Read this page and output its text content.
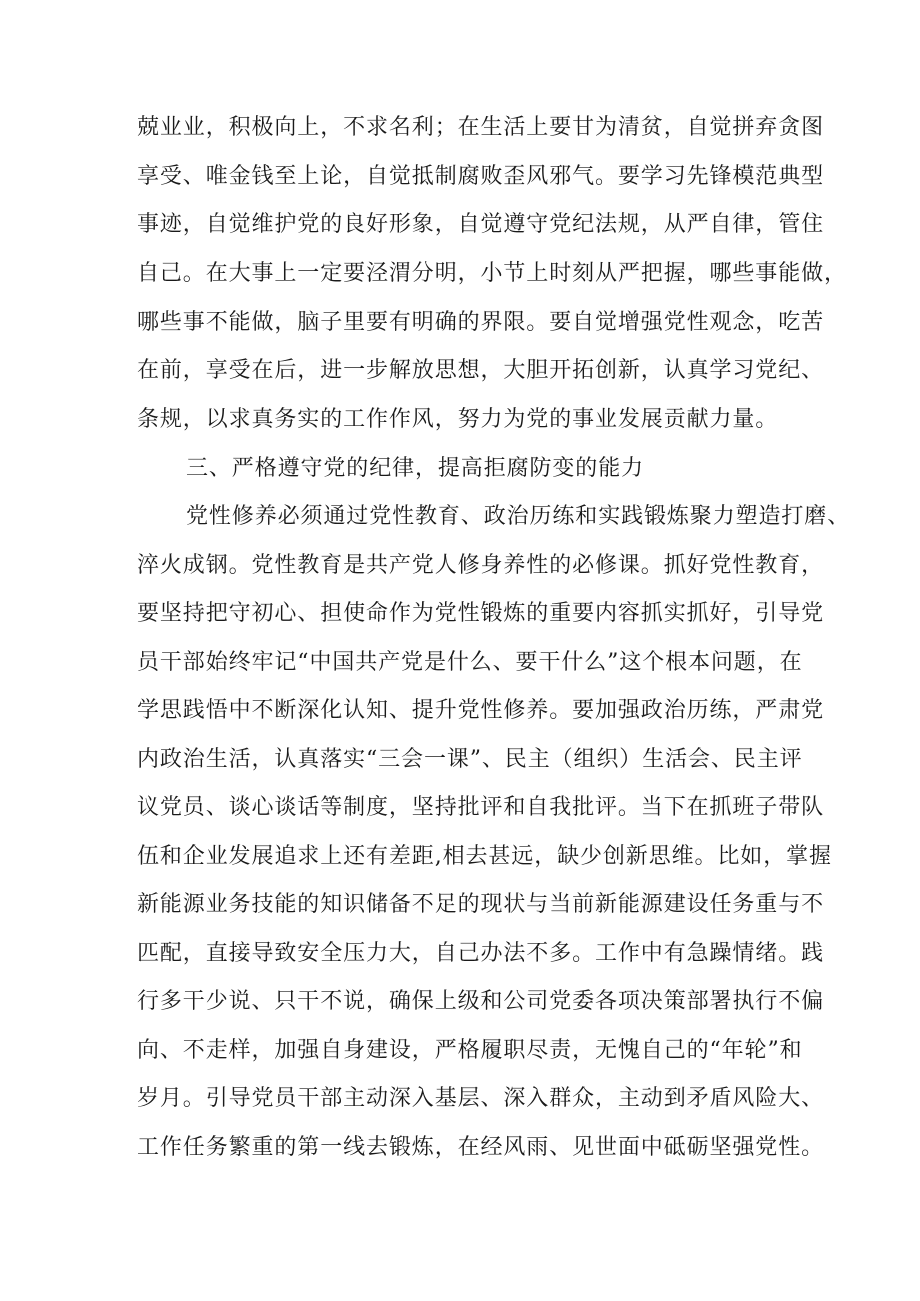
兢业业，积极向上，不求名利；在生活上要甘为清贫，自觉拼弃贪图
享受、唯金钱至上论，自觉抵制腐败歪风邪气。要学习先锋模范典型
事迹，自觉维护党的良好形象，自觉遵守党纪法规，从严自律，管住
自己。在大事上一定要泾渭分明，小节上时刻从严把握，哪些事能做，
哪些事不能做，脑子里要有明确的界限。要自觉增强党性观念，吃苦
在前，享受在后，进一步解放思想，大胆开拓创新，认真学习党纪、
条规，以求真务实的工作作风，努力为党的事业发展贡献力量。
三、严格遵守党的纪律，提高拒腐防变的能力
党性修养必须通过党性教育、政治历练和实践锻炼聚力塑造打磨、
淬火成钢。党性教育是共产党人修身养性的必修课。抓好党性教育，
要坚持把守初心、担使命作为党性锻炼的重要内容抓实抓好，引导党
员干部始终牢记“中国共产党是什么、要干什么”这个根本问题，在
学思践悟中不断深化认知、提升党性修养。要加强政治历练，严肃党
内政治生活，认真落实“三会一课”、民主（组织）生活会、民主评
议党员、谈心谈话等制度，坚持批评和自我批评。当下在抓班子带队
伍和企业发展追求上还有差距,相去甚远，缺少创新思维。比如，掌握
新能源业务技能的知识储备不足的现状与当前新能源建设任务重与不
匹配，直接导致安全压力大，自己办法不多。工作中有急躁情绪。践
行多干少说、只干不说，确保上级和公司党委各项决策部署执行不偏
向、不走样，加强自身建设，严格履职尽责，无愧自己的“年轮”和
岁月。引导党员干部主动深入基层、深入群众，主动到矛盾风险大、
工作任务繁重的第一线去锻炼，在经风雨、见世面中砥砺坚强党性。
